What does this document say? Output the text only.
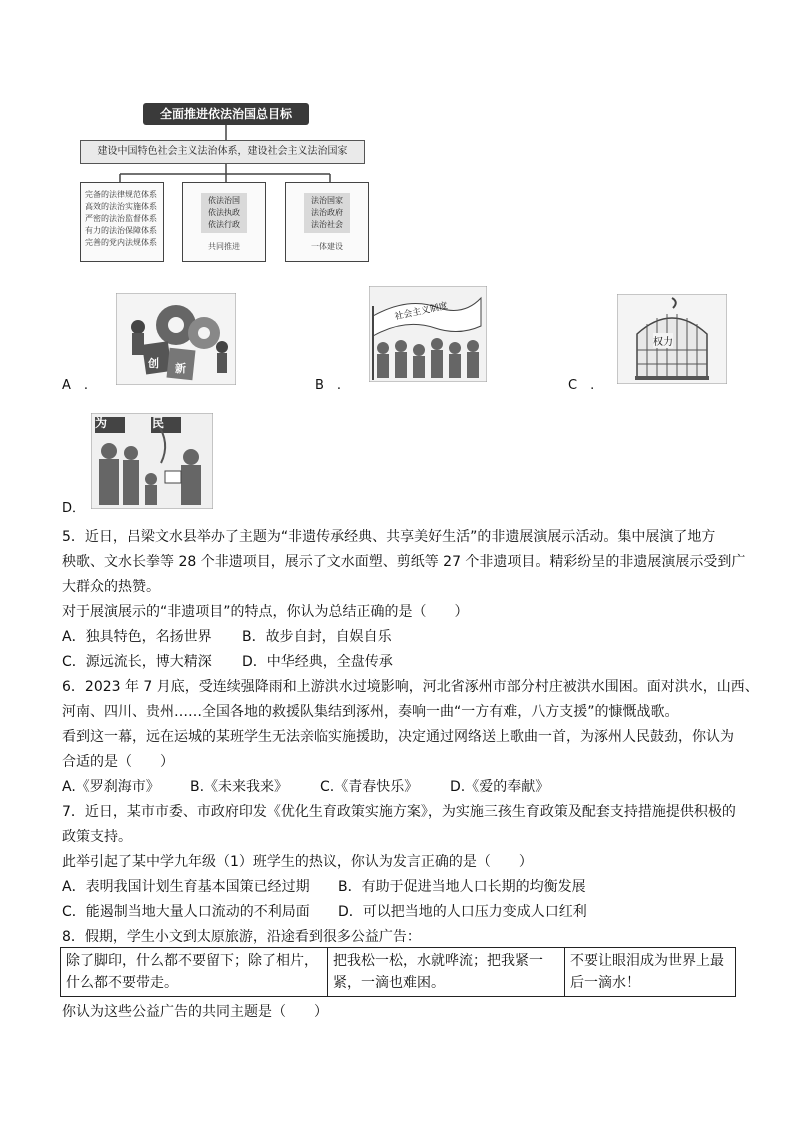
全面推进依法治国总目标
建设中国特色社会主义法治体系，建设社会主义法治国家
完备的法律规范体系
高效的法治实施体系
严密的法治监督体系
有力的法治保障体系
完善的党内法规体系
依法治国
依法执政
依法行政
共同推进
法治国家
法治政府
法治社会
一体建设
A　.
创 新
B　.
社会主义制度
C　.
权力
为	民
D．
5．近日，吕梁文水县举办了主题为“非遗传承经典、共享美好生活”的非遗展演展示活动。集中展演了地方
秧歌、文水长拳等 28 个非遗项目，展示了文水面塑、剪纸等 27 个非遗项目。精彩纷呈的非遗展演展示受到广
大群众的热赞。
对于展演展示的“非遗项目”的特点，你认为总结正确的是（　　）
A．独具特色，名扬世界 B．故步自封，自娱自乐
C．源远流长，博大精深 D．中华经典，全盘传承
6．2023 年 7 月底，受连续强降雨和上游洪水过境影响，河北省涿州市部分村庄被洪水围困。面对洪水，山西、
河南、四川、贵州……全国各地的救援队集结到涿州，奏响一曲“一方有难，八方支援”的慷慨战歌。
看到这一幕，远在运城的某班学生无法亲临实施援助，决定通过网络送上歌曲一首，为涿州人民鼓劲，你认为
合适的是（　　）
A.《罗刹海市》 B.《未来我来》 C.《青春快乐》 D.《爱的奉献》
7．近日，某市市委、市政府印发《优化生育政策实施方案》，为实施三孩生育政策及配套支持措施提供积极的
政策支持。
此举引起了某中学九年级（1）班学生的热议，你认为发言正确的是（　　）
A．表明我国计划生育基本国策已经过期 B．有助于促进当地人口长期的均衡发展
C．能遏制当地大量人口流动的不利局面 D．可以把当地的人口压力变成人口红利
8．假期，学生小文到太原旅游，沿途看到很多公益广告：
除了脚印，什么都不要留下；除了相片，什么都不要带走。	把我松一松，水就哗流；把我紧一紧，一滴也难困。	不要让眼泪成为世界上最后一滴水！
你认为这些公益广告的共同主题是（　　）
